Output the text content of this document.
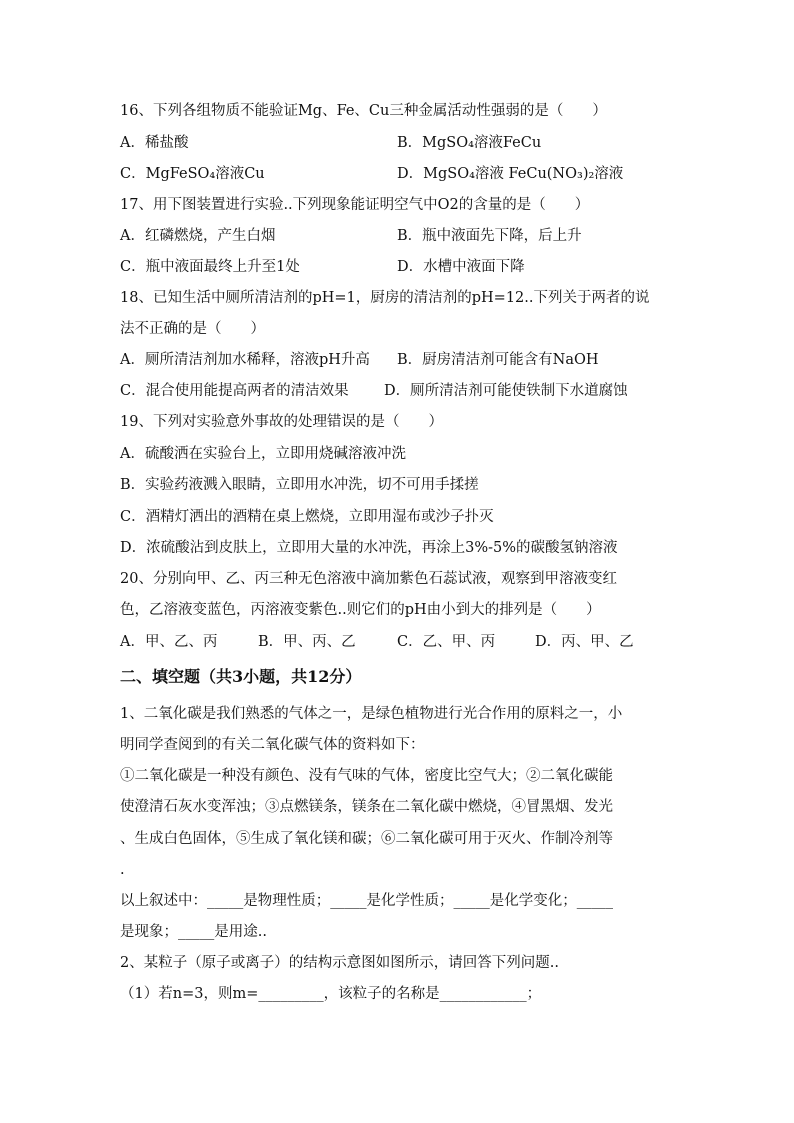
16、下列各组物质不能验证Mg、Fe、Cu三种金属活动性强弱的是（　　）
A．稀盐酸	B．MgSO₄溶液FeCu
C．MgFeSO₄溶液Cu	D．MgSO₄溶液 FeCu(NO₃)₂溶液
17、用下图装置进行实验..下列现象能证明空气中O2的含量的是（　　）
A．红磷燃烧，产生白烟	B．瓶中液面先下降，后上升
C．瓶中液面最终上升至1处	D．水槽中液面下降
18、已知生活中厕所清洁剂的pH=1，厨房的清洁剂的pH=12..下列关于两者的说
法不正确的是（　　）
A．厕所清洁剂加水稀释，溶液pH升高 B．厨房清洁剂可能含有NaOH
C．混合使用能提高两者的清洁效果 D．厕所清洁剂可能使铁制下水道腐蚀
19、下列对实验意外事故的处理错误的是（　　）
A．硫酸洒在实验台上，立即用烧碱溶液冲洗
B．实验药液溅入眼睛，立即用水冲洗，切不可用手揉搓
C．酒精灯洒出的酒精在桌上燃烧，立即用湿布或沙子扑灭
D．浓硫酸沾到皮肤上，立即用大量的水冲洗，再涂上3%-5%的碳酸氢钠溶液
20、分别向甲、乙、丙三种无色溶液中滴加紫色石蕊试液，观察到甲溶液变红
色，乙溶液变蓝色，丙溶液变紫色..则它们的pH由小到大的排列是（　　）
A．甲、乙、丙	B．甲、丙、乙	C．乙、甲、丙	D．丙、甲、乙
二、填空题（共3小题，共12分）
1、二氧化碳是我们熟悉的气体之一，是绿色植物进行光合作用的原料之一，小
明同学查阅到的有关二氧化碳气体的资料如下：
①二氧化碳是一种没有颜色、没有气味的气体，密度比空气大；②二氧化碳能
使澄清石灰水变浑浊；③点燃镁条，镁条在二氧化碳中燃烧，④冒黑烟、发光
、生成白色固体，⑤生成了氧化镁和碳；⑥二氧化碳可用于灭火、作制冷剂等
.
以上叙述中：_____是物理性质；_____是化学性质；_____是化学变化；_____
是现象；_____是用途..
2、某粒子（原子或离子）的结构示意图如图所示，请回答下列问题..
（1）若n=3，则m=_________，该粒子的名称是____________；
